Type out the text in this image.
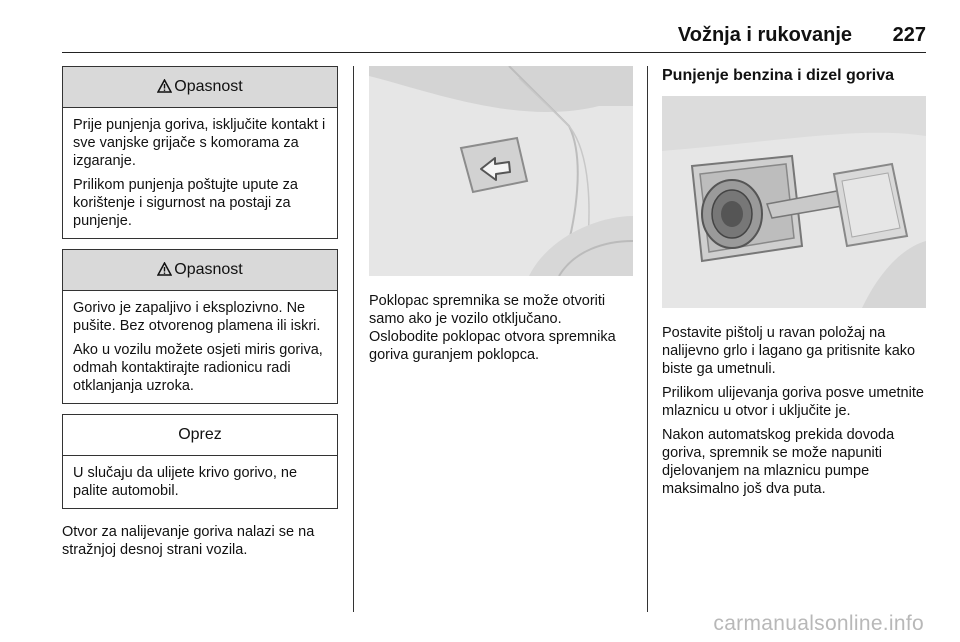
Vožnja i rukovanje 227
Opasnost

Prije punjenja goriva, isključite kontakt i sve vanjske grijače s komorama za izgaranje.

Prilikom punjenja poštujte upute za korištenje i sigurnost na postaji za punjenje.

Opasnost

Gorivo je zapaljivo i eksplozivno. Ne pušite. Bez otvorenog plamena ili iskri.

Ako u vozilu možete osjeti miris goriva, odmah kontaktirajte radionicu radi otklanjanja uzroka.

Oprez

U slučaju da ulijete krivo gorivo, ne palite automobil.

Otvor za nalijevanje goriva nalazi se na stražnjoj desnoj strani vozila.

Poklopac spremnika se može otvoriti samo ako je vozilo otključano.

Oslobodite poklopac otvora spremnika goriva guranjem poklopca.

Punjenje benzina i dizel goriva

Postavite pištolj u ravan položaj na nalijevno grlo i lagano ga pritisnite kako biste ga umetnuli.

Prilikom ulijevanja goriva posve umetnite mlaznicu u otvor i uključite je.

Nakon automatskog prekida dovoda goriva, spremnik se može napuniti djelovanjem na mlaznicu pumpe maksimalno još dva puta.

carmanualsonline.info
